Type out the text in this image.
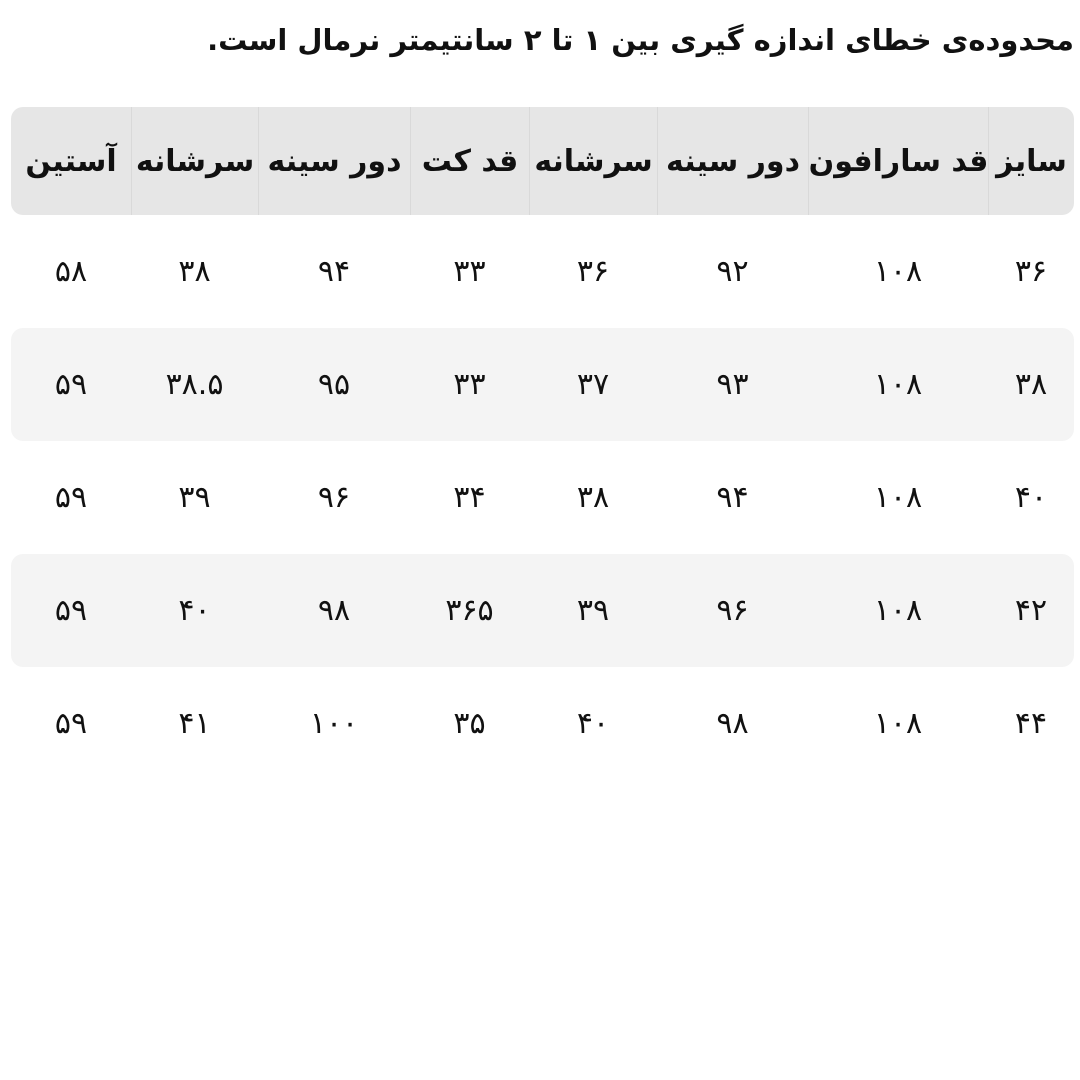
محدوده‌ی خطای اندازه گیری بین ۱ تا ۲ سانتیمتر نرمال است.
سایز
قد سارافون
دور سینه
سرشانه
قد کت
دور سینه
سرشانه
آستین
۳۶
۱۰۸
۹۲
۳۶
۳۳
۹۴
۳۸
۵۸
۳۸
۱۰۸
۹۳
۳۷
۳۳
۹۵
۳۸.۵
۵۹
۴۰
۱۰۸
۹۴
۳۸
۳۴
۹۶
۳۹
۵۹
۴۲
۱۰۸
۹۶
۳۹
۳۶۵
۹۸
۴۰
۵۹
۴۴
۱۰۸
۹۸
۴۰
۳۵
۱۰۰
۴۱
۵۹
